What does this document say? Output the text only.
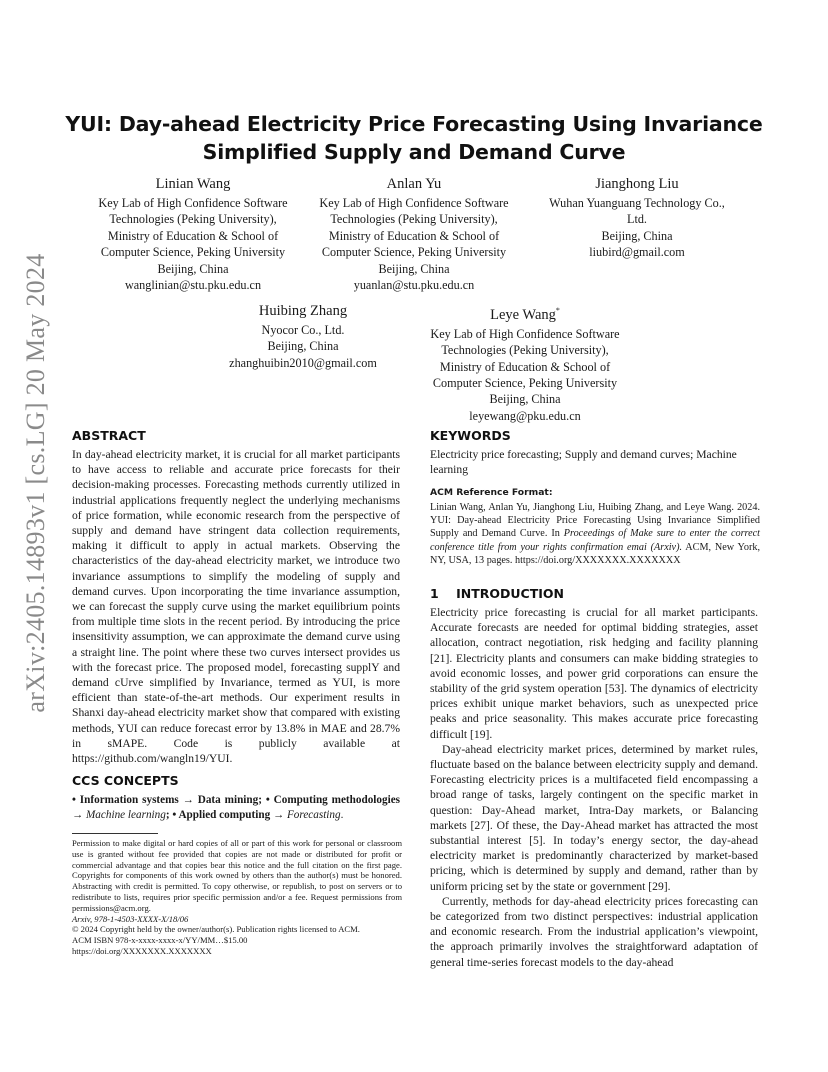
arXiv:2405.14893v1 [cs.LG] 20 May 2024
YUI: Day-ahead Electricity Price Forecasting Using Invariance
Simplified Supply and Demand Curve
Linian Wang
Key Lab of High Confidence Software
Technologies (Peking University),
Ministry of Education & School of
Computer Science, Peking University
Beijing, China
wanglinian@stu.pku.edu.cn
Anlan Yu
Key Lab of High Confidence Software
Technologies (Peking University),
Ministry of Education & School of
Computer Science, Peking University
Beijing, China
yuanlan@stu.pku.edu.cn
Jianghong Liu
Wuhan Yuanguang Technology Co.,
Ltd.
Beijing, China
liubird@gmail.com
Huibing Zhang
Nyocor Co., Ltd.
Beijing, China
zhanghuibin2010@gmail.com
Leye Wang*
Key Lab of High Confidence Software
Technologies (Peking University),
Ministry of Education & School of
Computer Science, Peking University
Beijing, China
leyewang@pku.edu.cn
ABSTRACT
In day-ahead electricity market, it is crucial for all market participants to have access to reliable and accurate price forecasts for their decision-making processes. Forecasting methods currently utilized in industrial applications frequently neglect the underlying mechanisms of price formation, while economic research from the perspective of supply and demand have stringent data collection requirements, making it difficult to apply in actual markets. Observing the characteristics of the day-ahead electricity market, we introduce two invariance assumptions to simplify the modeling of supply and demand curves. Upon incorporating the time invariance assumption, we can forecast the supply curve using the market equilibrium points from multiple time slots in the recent period. By introducing the price insensitivity assumption, we can approximate the demand curve using a straight line. The point where these two curves intersect provides us with the forecast price. The proposed model, forecasting supplY and demand cUrve simplified by Invariance, termed as YUI, is more efficient than state-of-the-art methods. Our experiment results in Shanxi day-ahead electricity market show that compared with existing methods, YUI can reduce forecast error by 13.8% in MAE and 28.7% in sMAPE. Code is publicly available at https://github.com/wangln19/YUI.
CCS CONCEPTS
• Information systems → Data mining; • Computing methodologies → Machine learning; • Applied computing → Forecasting.
Permission to make digital or hard copies of all or part of this work for personal or classroom use is granted without fee provided that copies are not made or distributed for profit or commercial advantage and that copies bear this notice and the full citation on the first page. Copyrights for components of this work owned by others than the author(s) must be honored. Abstracting with credit is permitted. To copy otherwise, or republish, to post on servers or to redistribute to lists, requires prior specific permission and/or a fee. Request permissions from permissions@acm.org.
Arxiv, 978-1-4503-XXXX-X/18/06
© 2024 Copyright held by the owner/author(s). Publication rights licensed to ACM.
ACM ISBN 978-x-xxxx-xxxx-x/YY/MM…$15.00
https://doi.org/XXXXXXX.XXXXXXX
KEYWORDS
Electricity price forecasting; Supply and demand curves; Machine learning
ACM Reference Format:
Linian Wang, Anlan Yu, Jianghong Liu, Huibing Zhang, and Leye Wang. 2024. YUI: Day-ahead Electricity Price Forecasting Using Invariance Simplified Supply and Demand Curve. In Proceedings of Make sure to enter the correct conference title from your rights confirmation emai (Arxiv). ACM, New York, NY, USA, 13 pages. https://doi.org/XXXXXXX.XXXXXXX
1    INTRODUCTION

Electricity price forecasting is crucial for all market participants. Accurate forecasts are needed for optimal bidding strategies, asset allocation, contract negotiation, risk hedging and facility planning [21]. Electricity plants and consumers can make bidding strategies to avoid economic losses, and power grid corporations can ensure the stability of the grid system operation [53]. The dynamics of electricity prices exhibit unique market behaviors, such as unexpected price peaks and price seasonality. This makes accurate price forecasting difficult [19].

Day-ahead electricity market prices, determined by market rules, fluctuate based on the balance between electricity supply and demand. Forecasting electricity prices is a multifaceted field encompassing a broad range of tasks, largely contingent on the specific market in question: Day-Ahead market, Intra-Day markets, or Balancing markets [27]. Of these, the Day-Ahead market has attracted the most substantial interest [5]. In today’s energy sector, the day-ahead electricity market is predominantly characterized by market-based pricing, which is determined by supply and demand, rather than by uniform pricing set by the state or government [29].

Currently, methods for day-ahead electricity prices forecasting can be categorized from two distinct perspectives: industrial application and economic research. From the industrial application’s viewpoint, the approach primarily involves the straightforward adaptation of general time-series forecast models to the day-ahead
